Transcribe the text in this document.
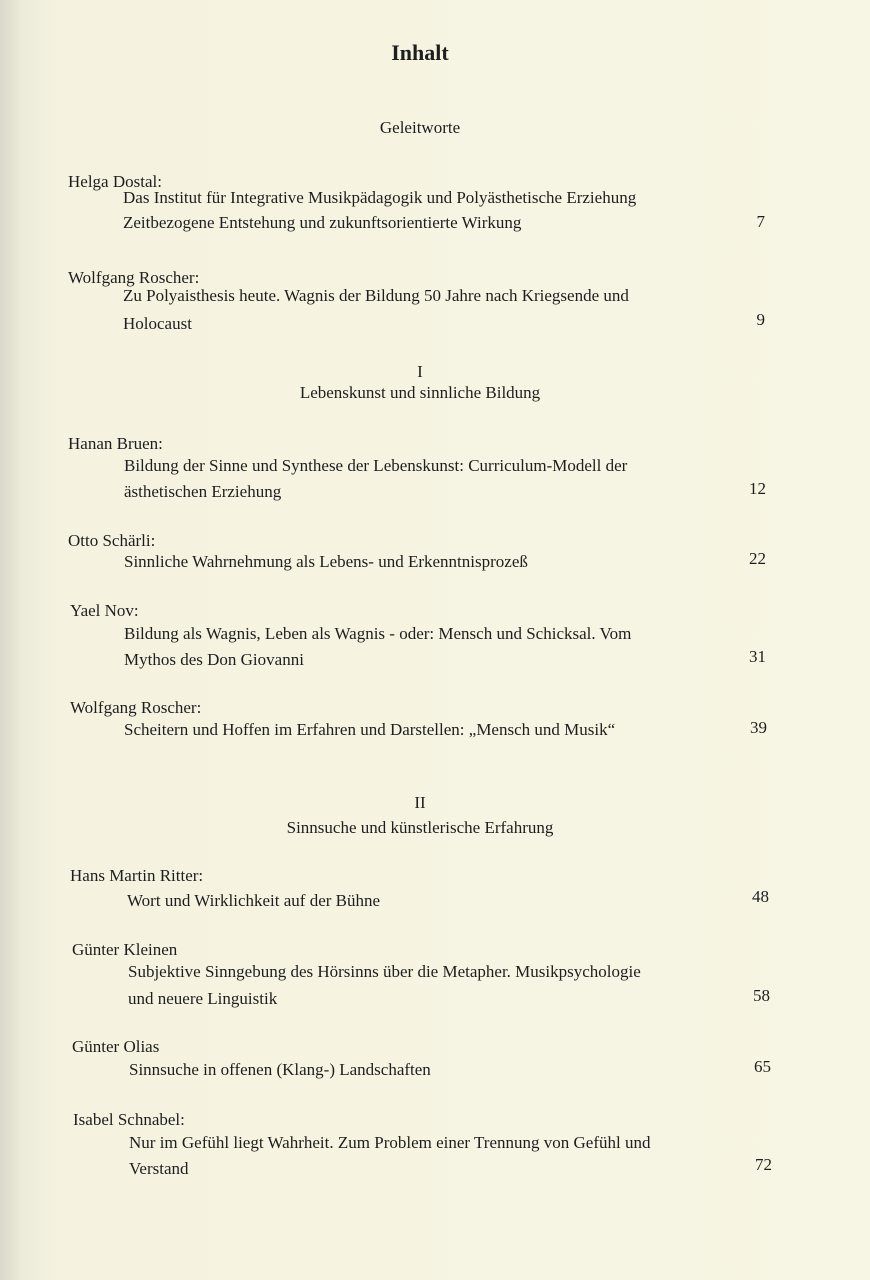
Inhalt
Geleitworte
Helga Dostal:
Das Institut für Integrative Musikpädagogik und Polyästhetische Erziehung
Zeitbezogene Entstehung und zukunftsorientierte Wirkung	7
Wolfgang Roscher:
Zu Polyaisthesis heute. Wagnis der Bildung 50 Jahre nach Kriegsende und
Holocaust	9
I
Lebenskunst und sinnliche Bildung
Hanan Bruen:
Bildung der Sinne und Synthese der Lebenskunst: Curriculum-Modell der
ästhetischen Erziehung	12
Otto Schärli:
Sinnliche Wahrnehmung als Lebens- und Erkenntnisprozeß	22
Yael Nov:
Bildung als Wagnis, Leben als Wagnis - oder: Mensch und Schicksal. Vom
Mythos des Don Giovanni	31
Wolfgang Roscher:
Scheitern und Hoffen im Erfahren und Darstellen: „Mensch und Musik“	39
II
Sinnsuche und künstlerische Erfahrung
Hans Martin Ritter:
Wort und Wirklichkeit auf der Bühne	48
Günter Kleinen
Subjektive Sinngebung des Hörsinns über die Metapher. Musikpsychologie
und neuere Linguistik	58
Günter Olias
Sinnsuche in offenen (Klang-) Landschaften	65
Isabel Schnabel:
Nur im Gefühl liegt Wahrheit. Zum Problem einer Trennung von Gefühl und
Verstand	72
